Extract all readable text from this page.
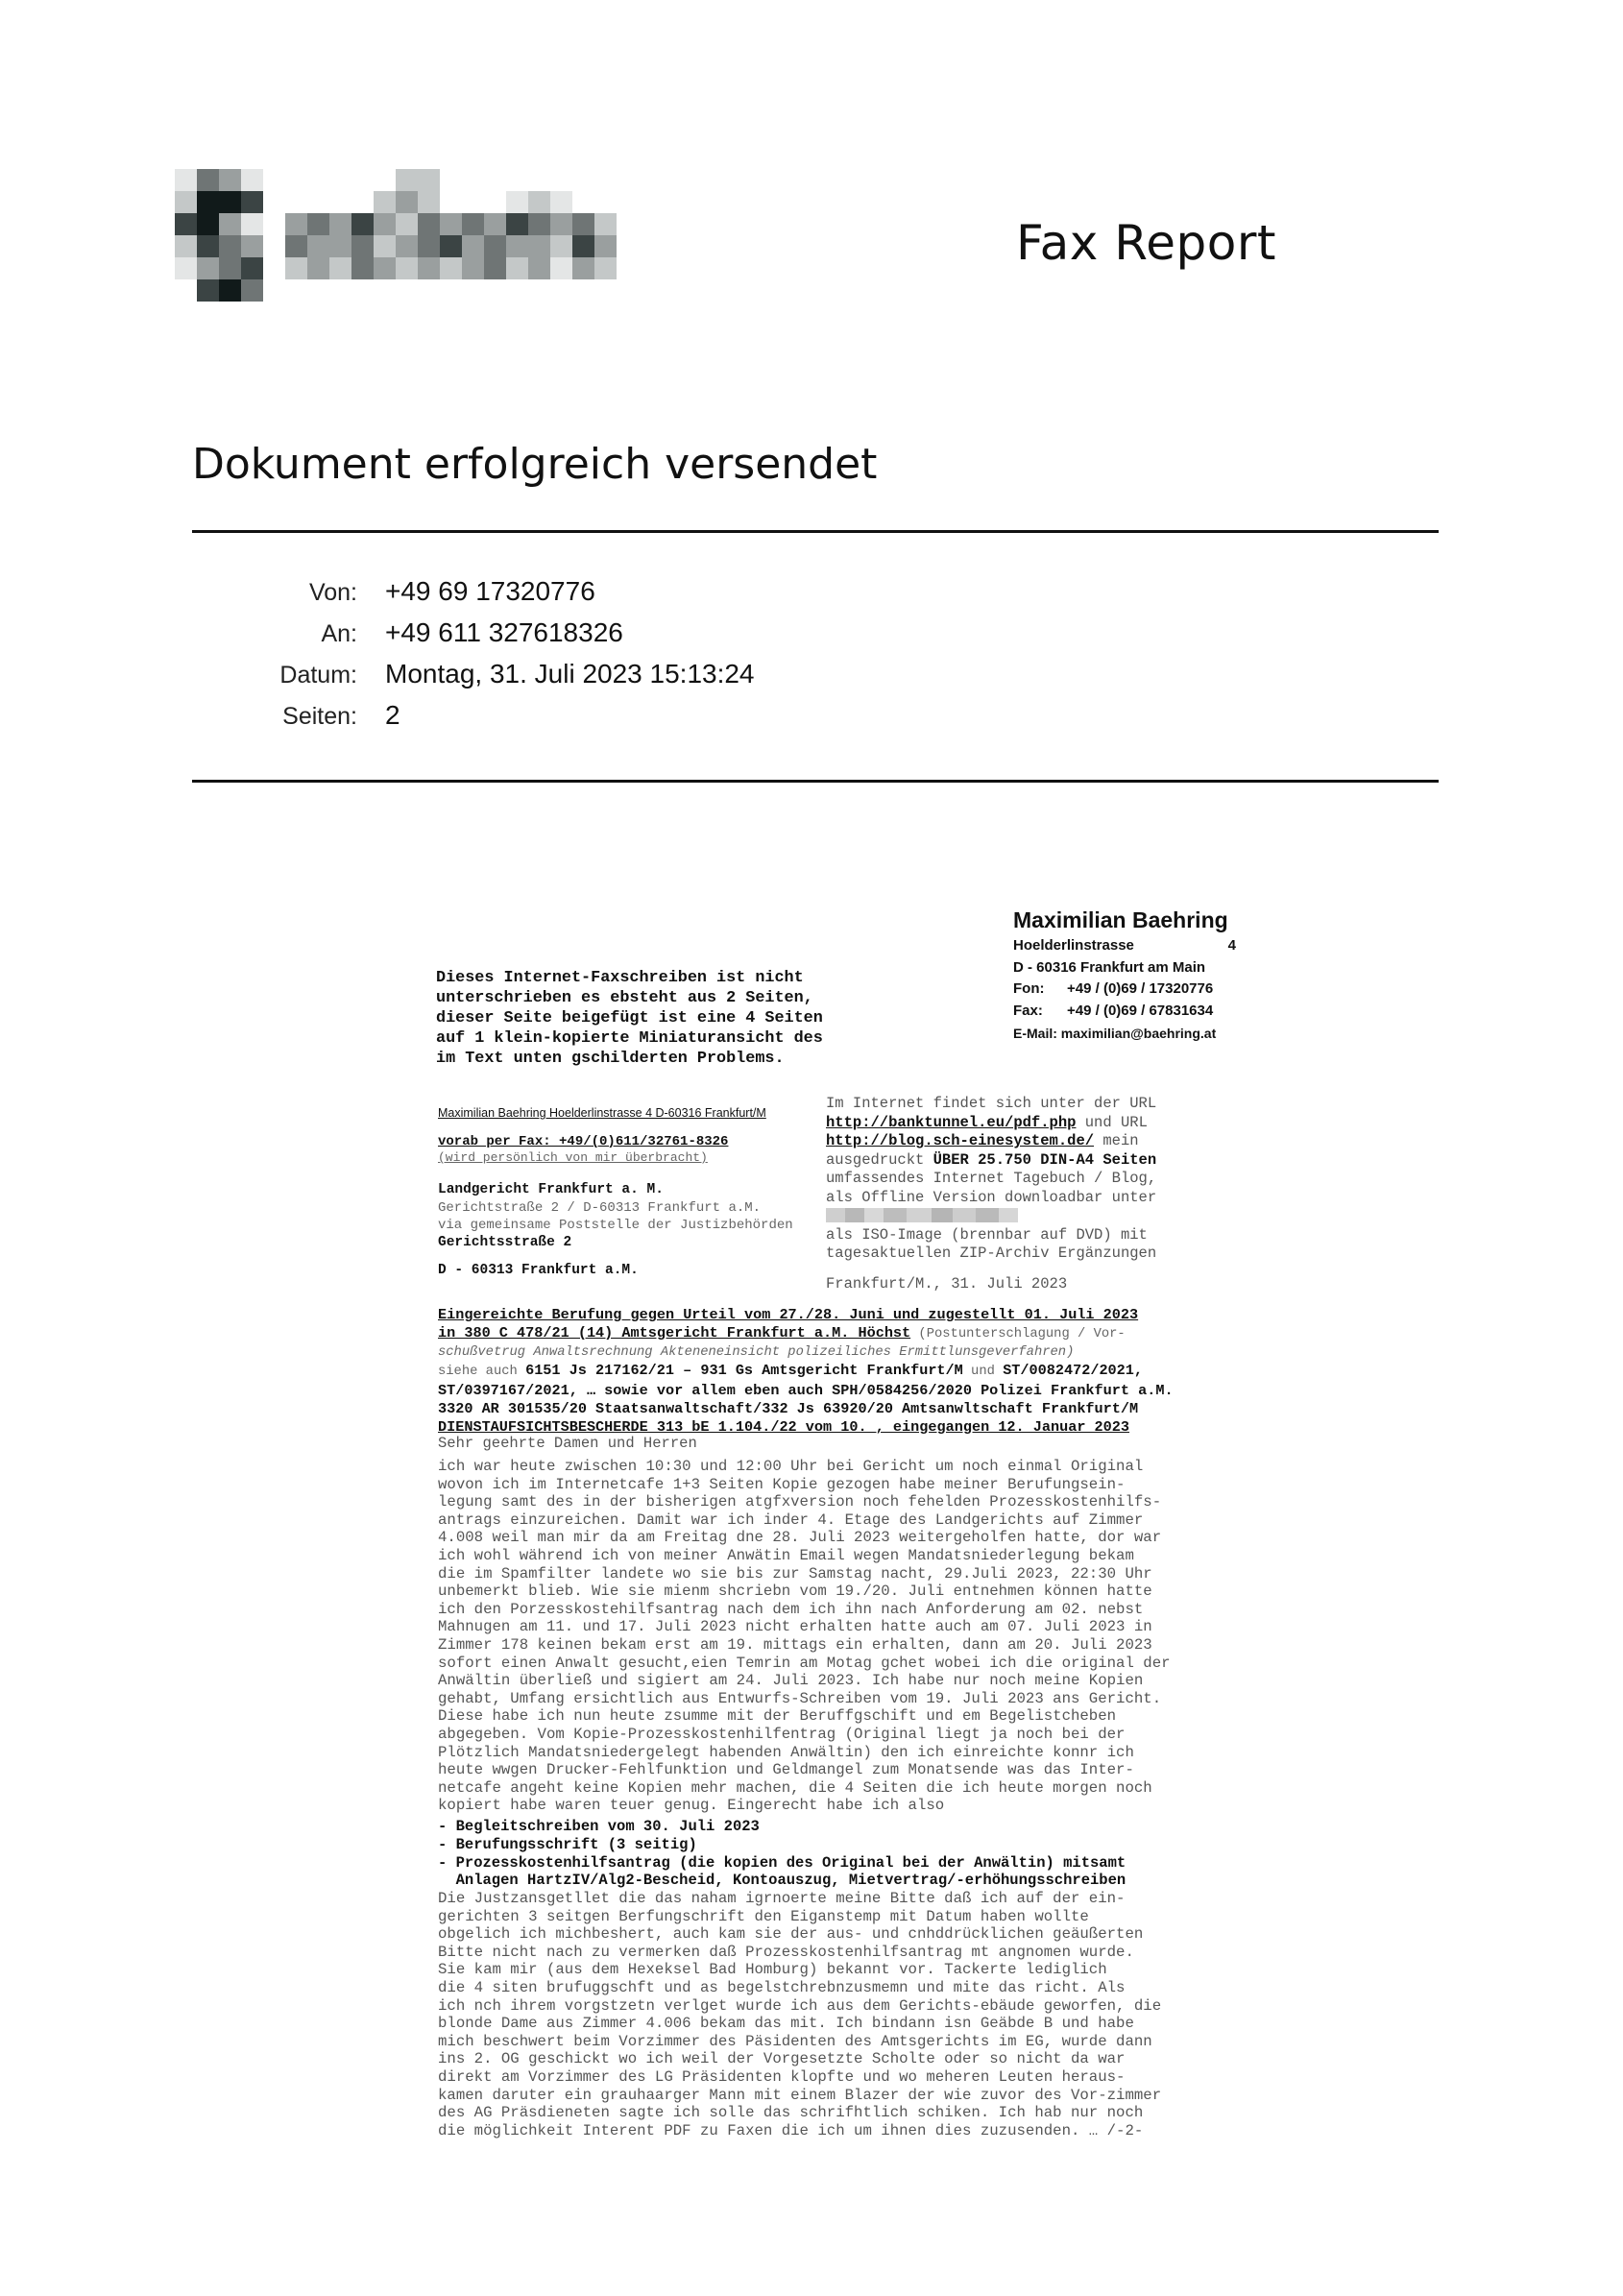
Fax Report
Dokument erfolgreich versendet
Von: +49 69 17320776
An: +49 611 327618326
Datum: Montag, 31. Juli 2023 15:13:24
Seiten: 2
Dieses Internet-Faxschreiben ist nicht
unterschrieben es ebsteht aus 2 Seiten,
dieser Seite beigefügt ist eine 4 Seiten
auf 1 klein-kopierte Miniaturansicht des
im Text unten gschilderten Problems.
Maximilian Baehring
Hoelderlinstrasse	4
D - 60316 Frankfurt am Main
Fon:	+49 / (0)69 / 17320776
Fax:	+49 / (0)69 / 67831634
E-Mail: maximilian@baehring.at
Maximilian Baehring Hoelderlinstrasse 4 D-60316 Frankfurt/M
vorab per Fax: +49/(0)611/32761-8326
(wird persönlich von mir überbracht)
Landgericht Frankfurt a. M.
Gerichtstraße 2 / D-60313 Frankfurt a.M.
via gemeinsame Poststelle der Justizbehörden
Gerichtsstraße 2
D - 60313 Frankfurt a.M.
Im Internet findet sich unter der URL
http://banktunnel.eu/pdf.php und URL
http://blog.sch-einesystem.de/ mein
ausgedruckt ÜBER 25.750 DIN-A4 Seiten
umfassendes Internet Tagebuch / Blog,
als Offline Version downloadbar unter
als ISO-Image (brennbar auf DVD) mit
tagesaktuellen ZIP-Archiv Ergänzungen
Frankfurt/M., 31. Juli 2023
Eingereichte Berufung gegen Urteil vom 27./28. Juni und zugestellt 01. Juli 2023
in 380 C 478/21 (14) Amtsgericht Frankfurt a.M. Höchst (Postunterschlagung / Vor-
schußvetrug Anwaltsrechnung Akteneneinsicht polizeiliches Ermittlunsgeverfahren)
siehe auch 6151 Js 217162/21 – 931 Gs Amtsgericht Frankfurt/M und ST/0082472/2021,
ST/0397167/2021, … sowie vor allem eben auch SPH/0584256/2020 Polizei Frankfurt a.M.
3320 AR 301535/20 Staatsanwaltschaft/332 Js 63920/20 Amtsanwltschaft Frankfurt/M
DIENSTAUFSICHTSBESCHERDE 313 bE 1.104./22 vom 10. , eingegangen 12. Januar 2023
Sehr geehrte Damen und Herren
ich war heute zwischen 10:30 und 12:00 Uhr bei Gericht um noch einmal Original
wovon ich im Internetcafe 1+3 Seiten Kopie gezogen habe meiner Berufungsein-
legung samt des in der bisherigen atgfxversion noch fehelden Prozesskostenhilfs-
antrags einzureichen. Damit war ich inder 4. Etage des Landgerichts auf Zimmer
4.008 weil man mir da am Freitag dne 28. Juli 2023 weitergeholfen hatte, dor war
ich wohl während ich von meiner Anwätin Email wegen Mandatsniederlegung bekam
die im Spamfilter landete wo sie bis zur Samstag nacht, 29.Juli 2023, 22:30 Uhr
unbemerkt blieb. Wie sie mienm shcriebn vom 19./20. Juli entnehmen können hatte
ich den Porzesskostehilfsantrag nach dem ich ihn nach Anforderung am 02. nebst
Mahnugen am 11. und 17. Juli 2023 nicht erhalten hatte auch am 07. Juli 2023 in
Zimmer 178 keinen bekam erst am 19. mittags ein erhalten, dann am 20. Juli 2023
sofort einen Anwalt gesucht,eien Temrin am Motag gchet wobei ich die original der
Anwältin überließ und sigiert am 24. Juli 2023. Ich habe nur noch meine Kopien
gehabt, Umfang ersichtlich aus Entwurfs-Schreiben vom 19. Juli 2023 ans Gericht.
Diese habe ich nun heute zsumme mit der Beruffgschift und em Begelistcheben
abgegeben. Vom Kopie-Prozesskostenhilfentrag (Original liegt ja noch bei der
Plötzlich Mandatsniedergelegt habenden Anwältin) den ich einreichte konnr ich
heute wwgen Drucker-Fehlfunktion und Geldmangel zum Monatsende was das Inter-
netcafe angeht keine Kopien mehr machen, die 4 Seiten die ich heute morgen noch
kopiert habe waren teuer genug. Eingerecht habe ich also
- Begleitschreiben vom 30. Juli 2023
- Berufungsschrift (3 seitig)
- Prozesskostenhilfsantrag (die kopien des Original bei der Anwältin) mitsamt
Anlagen HartzIV/Alg2-Bescheid, Kontoauszug, Mietvertrag/-erhöhungsschreiben
Die Justzansgetllet die das naham igrnoerte meine Bitte daß ich auf der ein-
gerichten 3 seitgen Berfungschrift den Eiganstemp mit Datum haben wollte
obgelich ich michbeshert, auch kam sie der aus- und cnhddrücklichen geäußerten
Bitte nicht nach zu vermerken daß Prozesskostenhilfsantrag mt angnomen wurde.
Sie kam mir (aus dem Hexeksel Bad Homburg) bekannt vor. Tackerte lediglich
die 4 siten brufuggschft und as begelstchrebnzusmemn und mite das richt. Als
ich nch ihrem vorgstzetn verlget wurde ich aus dem Gerichts-ebäude geworfen, die
blonde Dame aus Zimmer 4.006 bekam das mit. Ich bindann isn Geäbde B und habe
mich beschwert beim Vorzimmer des Päsidenten des Amtsgerichts im EG, wurde dann
ins 2. OG geschickt wo ich weil der Vorgesetzte Scholte oder so nicht da war
direkt am Vorzimmer des LG Präsidenten klopfte und wo meheren Leuten heraus-
kamen daruter ein grauhaarger Mann mit einem Blazer der wie zuvor des Vor-zimmer
des AG Präsdieneten sagte ich solle das schrifhtlich schiken. Ich hab nur noch
die möglichkeit Interent PDF zu Faxen die ich um ihnen dies zuzusenden. … /-2-
